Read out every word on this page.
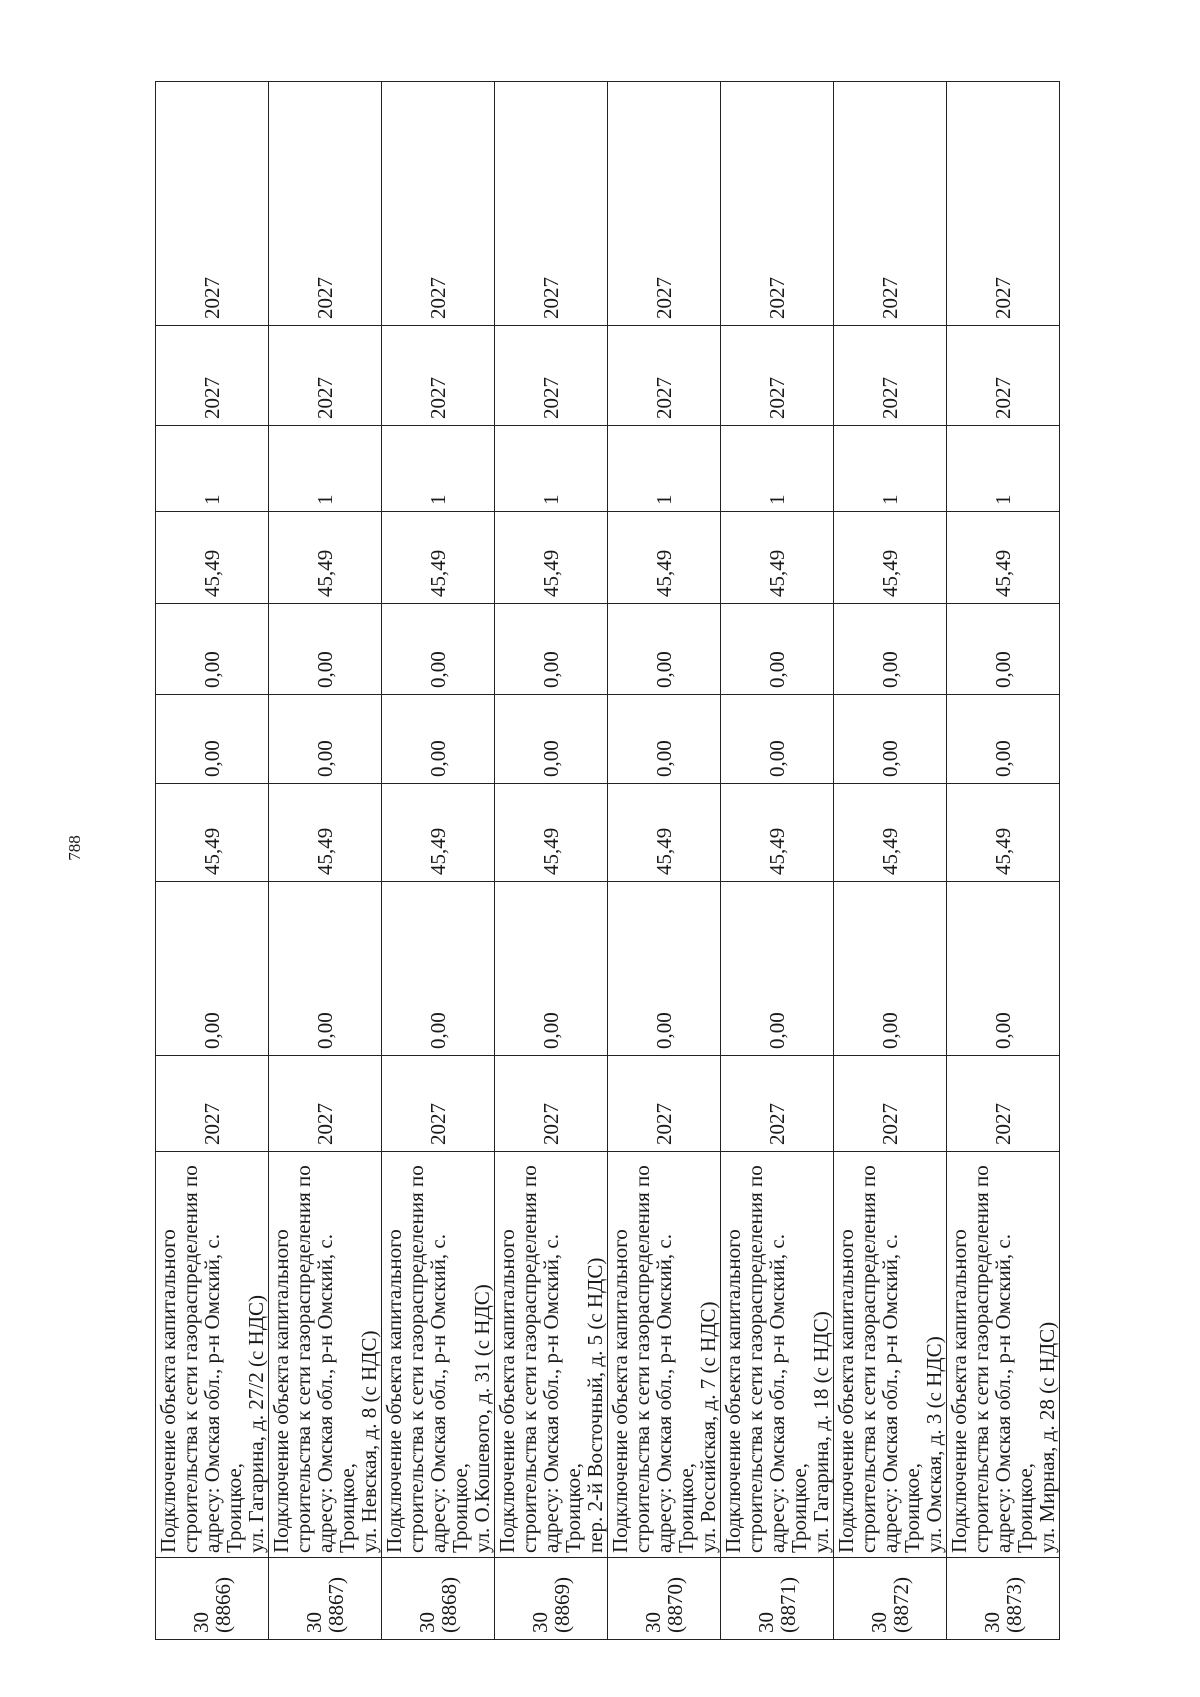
788
30
(8866)	Подключение объекта капитального
строительства к сети газораспределения по
адресу: Омская обл., р-н Омский, с. Троицкое,
ул. Гагарина, д. 27/2 (с НДС)	2027	0,00	45,49	0,00	0,00	45,49	1	2027	2027

30
(8867)	Подключение объекта капитального
строительства к сети газораспределения по
адресу: Омская обл., р-н Омский, с. Троицкое,
ул. Невская, д. 8 (с НДС)	2027	0,00	45,49	0,00	0,00	45,49	1	2027	2027

30
(8868)	Подключение объекта капитального
строительства к сети газораспределения по
адресу: Омская обл., р-н Омский, с. Троицкое,
ул. О.Кошевого, д. 31 (с НДС)	2027	0,00	45,49	0,00	0,00	45,49	1	2027	2027

30
(8869)	Подключение объекта капитального
строительства к сети газораспределения по
адресу: Омская обл., р-н Омский, с. Троицкое,
пер. 2-й Восточный, д. 5 (с НДС)	2027	0,00	45,49	0,00	0,00	45,49	1	2027	2027

30
(8870)	Подключение объекта капитального
строительства к сети газораспределения по
адресу: Омская обл., р-н Омский, с. Троицкое,
ул. Российская, д. 7 (с НДС)	2027	0,00	45,49	0,00	0,00	45,49	1	2027	2027

30
(8871)	Подключение объекта капитального
строительства к сети газораспределения по
адресу: Омская обл., р-н Омский, с. Троицкое,
ул. Гагарина, д. 18 (с НДС)	2027	0,00	45,49	0,00	0,00	45,49	1	2027	2027

30
(8872)	Подключение объекта капитального
строительства к сети газораспределения по
адресу: Омская обл., р-н Омский, с. Троицкое,
ул. Омская, д. 3 (с НДС)	2027	0,00	45,49	0,00	0,00	45,49	1	2027	2027

30
(8873)	Подключение объекта капитального
строительства к сети газораспределения по
адресу: Омская обл., р-н Омский, с. Троицкое,
ул. Мирная, д. 28 (с НДС)	2027	0,00	45,49	0,00	0,00	45,49	1	2027	2027
